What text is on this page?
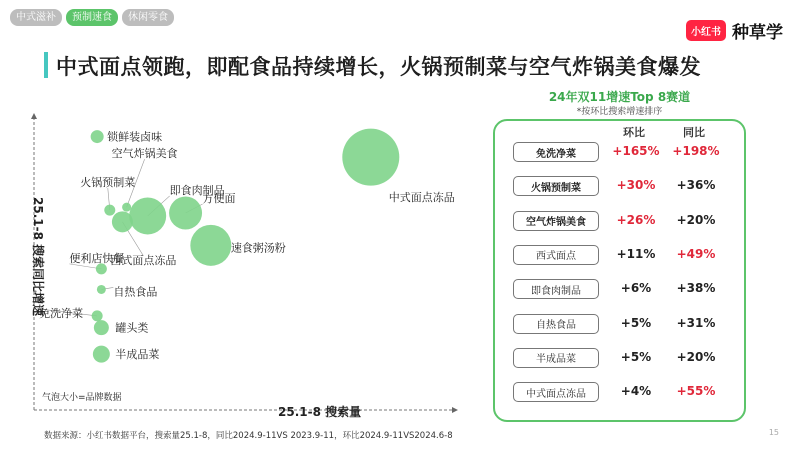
中式滋补	预制速食	休闲零食
小红书 种草学
中式面点领跑，即配食品持续增长，火锅预制菜与空气炸锅美食爆发
锁鲜装卤味
中式面点冻品
火锅预制菜
空气炸锅美食
即食肉制品
方便面
西式面点冻品
速食粥汤粉
便利店快餐
自热食品
免洗净菜
罐头类
半成品菜
25.1-8 搜索同比增速
25.1-8 搜索量
气泡大小=品牌数据
24年双11增速Top 8赛道
*按环比搜索增速排序
环比	同比
免洗净菜	+165% +198%
火锅预制菜	+30%	+36%
空气炸锅美食	+26%	+20%
西式面点	+11%	+49%
即食肉制品	+6%	+38%
自热食品	+5%	+31%
半成品菜	+5%	+20%
中式面点冻品	+4%	+55%
数据来源：小红书数据平台，搜索量25.1-8，同比2024.9-11VS 2023.9-11，环比2024.9-11VS2024.6-8	15
